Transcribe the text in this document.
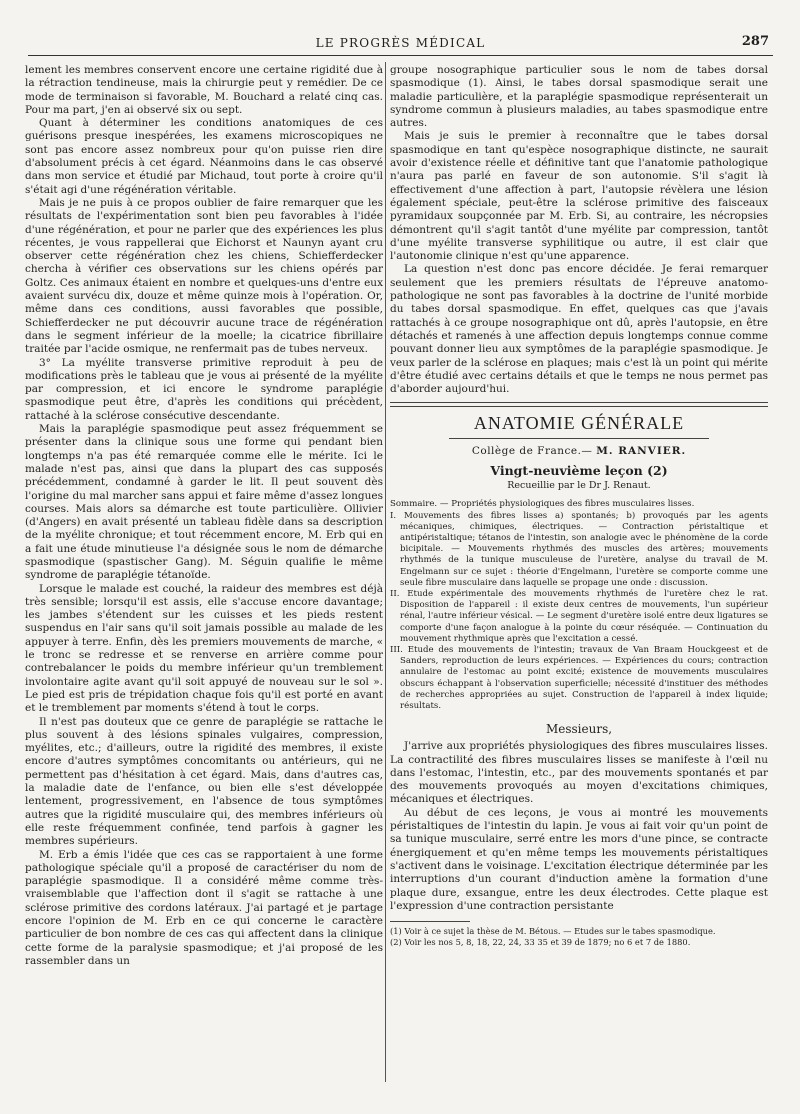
LE PROGRÈS MÉDICAL	287

lement les membres conservent encore une certaine rigidité due à la rétraction tendineuse, mais la chirurgie peut y remédier. De ce mode de terminaison si favorable, M. Bouchard a relaté cinq cas. Pour ma part, j'en ai observé six ou sept.

Quant à déterminer les conditions anatomiques de ces guérisons presque inespérées, les examens microscopiques ne sont pas encore assez nombreux pour qu'on puisse rien dire d'absolument précis à cet égard. Néanmoins dans le cas observé dans mon service et étudié par Michaud, tout porte à croire qu'il s'était agi d'une régénération véritable.

Mais je ne puis à ce propos oublier de faire remarquer que les résultats de l'expérimentation sont bien peu favorables à l'idée d'une régénération, et pour ne parler que des expériences les plus récentes, je vous rappellerai que Eichorst et Naunyn ayant cru observer cette régénération chez les chiens, Schiefferdecker chercha à vérifier ces observations sur les chiens opérés par Goltz. Ces animaux étaient en nombre et quelques-uns d'entre eux avaient survécu dix, douze et même quinze mois à l'opération. Or, même dans ces conditions, aussi favorables que possible, Schiefferdecker ne put découvrir aucune trace de régénération dans le segment inférieur de la moelle; la cicatrice fibrillaire traitée par l'acide osmique, ne renfermait pas de tubes nerveux.

3° La myélite transverse primitive reproduit à peu de modifications près le tableau que je vous ai présenté de la myélite par compression, et ici encore le syndrome paraplégie spasmodique peut être, d'après les conditions qui précèdent, rattaché à la sclérose consécutive descendante.

Mais la paraplégie spasmodique peut assez fréquemment se présenter dans la clinique sous une forme qui pendant bien longtemps n'a pas été remarquée comme elle le mérite. Ici le malade n'est pas, ainsi que dans la plupart des cas supposés précédemment, condamné à garder le lit. Il peut souvent dès l'origine du mal marcher sans appui et faire même d'assez longues courses. Mais alors sa démarche est toute particulière. Ollivier (d'Angers) en avait présenté un tableau fidèle dans sa description de la myélite chronique; et tout récemment encore, M. Erb qui en a fait une étude minutieuse l'a désignée sous le nom de démarche spasmodique (spastischer Gang). M. Séguin qualifie le même syndrome de paraplégie tétanoïde.

Lorsque le malade est couché, la raideur des membres est déjà très sensible; lorsqu'il est assis, elle s'accuse encore davantage; les jambes s'étendent sur les cuisses et les pieds restent suspendus en l'air sans qu'il soit jamais possible au malade de les appuyer à terre. Enfin, dès les premiers mouvements de marche, « le tronc se redresse et se renverse en arrière comme pour contrebalancer le poids du membre inférieur qu'un tremblement involontaire agite avant qu'il soit appuyé de nouveau sur le sol ». Le pied est pris de trépidation chaque fois qu'il est porté en avant et le tremblement par moments s'étend à tout le corps.

Il n'est pas douteux que ce genre de paraplégie se rattache le plus souvent à des lésions spinales vulgaires, compression, myélites, etc.; d'ailleurs, outre la rigidité des membres, il existe encore d'autres symptômes concomitants ou antérieurs, qui ne permettent pas d'hésitation à cet égard. Mais, dans d'autres cas, la maladie date de l'enfance, ou bien elle s'est développée lentement, progressivement, en l'absence de tous symptômes autres que la rigidité musculaire qui, des membres inférieurs où elle reste fréquemment confinée, tend parfois à gagner les membres supérieurs.

M. Erb a émis l'idée que ces cas se rapportaient à une forme pathologique spéciale qu'il a proposé de caractériser du nom de paraplégie spasmodique. Il a considéré même comme très-vraisemblable que l'affection dont il s'agit se rattache à une sclérose primitive des cordons latéraux. J'ai partagé et je partage encore l'opinion de M. Erb en ce qui concerne le caractère particulier de bon nombre de ces cas qui affectent dans la clinique cette forme de la paralysie spasmodique; et j'ai proposé de les rassembler dans un

groupe nosographique particulier sous le nom de tabes dorsal spasmodique (1). Ainsi, le tabes dorsal spasmodique serait une maladie particulière, et la paraplégie spasmodique représenterait un syndrome commun à plusieurs maladies, au tabes spasmodique entre autres.

Mais je suis le premier à reconnaître que le tabes dorsal spasmodique en tant qu'espèce nosographique distincte, ne saurait avoir d'existence réelle et définitive tant que l'anatomie pathologique n'aura pas parlé en faveur de son autonomie. S'il s'agit là effectivement d'une affection à part, l'autopsie révèlera une lésion également spéciale, peut-être la sclérose primitive des faisceaux pyramidaux soupçonnée par M. Erb. Si, au contraire, les nécropsies démontrent qu'il s'agit tantôt d'une myélite par compression, tantôt d'une myélite transverse syphilitique ou autre, il est clair que l'autonomie clinique n'est qu'une apparence.

La question n'est donc pas encore décidée. Je ferai remarquer seulement que les premiers résultats de l'épreuve anatomo-pathologique ne sont pas favorables à la doctrine de l'unité morbide du tabes dorsal spasmodique. En effet, quelques cas que j'avais rattachés à ce groupe nosographique ont dû, après l'autopsie, en être détachés et ramenés à une affection depuis longtemps connue comme pouvant donner lieu aux symptômes de la paraplégie spasmodique. Je veux parler de la sclérose en plaques; mais c'est là un point qui mérite d'être étudié avec certains détails et que le temps ne nous permet pas d'aborder aujourd'hui.

ANATOMIE GÉNÉRALE
Collège de France.— M. RANVIER.
Vingt-neuvième leçon (2)
Recueillie par le Dr J. Renaut.

Sommaire. — Propriétés physiologiques des fibres musculaires lisses.

I. Mouvements des fibres lisses a) spontanés; b) provoqués par les agents mécaniques, chimiques, électriques. — Contraction péristaltique et antipéristaltique; tétanos de l'intestin, son analogie avec le phénomène de la corde bicipitale. — Mouvements rhythmés des muscles des artères; mouvements rhythmés de la tunique musculeuse de l'uretère, analyse du travail de M. Engelmann sur ce sujet : théorie d'Engelmann, l'uretère se comporte comme une seule fibre musculaire dans laquelle se propage une onde : discussion.

II. Etude expérimentale des mouvements rhythmés de l'uretère chez le rat. Disposition de l'appareil : il existe deux centres de mouvements, l'un supérieur rénal, l'autre inférieur vésical. — Le segment d'uretère isolé entre deux ligatures se comporte d'une façon analogue à la pointe du cœur réséquée. — Continuation du mouvement rhythmique après que l'excitation a cessé.

III. Etude des mouvements de l'intestin; travaux de Van Braam Houckgeest et de Sanders, reproduction de leurs expériences. — Expériences du cours; contraction annulaire de l'estomac au point excité; existence de mouvements musculaires obscurs échappant à l'observation superficielle; nécessité d'instituer des méthodes de recherches appropriées au sujet. Construction de l'appareil à index liquide; résultats.

Messieurs,

J'arrive aux propriétés physiologiques des fibres musculaires lisses. La contractilité des fibres musculaires lisses se manifeste à l'œil nu dans l'estomac, l'intestin, etc., par des mouvements spontanés et par des mouvements provoqués au moyen d'excitations chimiques, mécaniques et électriques.

Au début de ces leçons, je vous ai montré les mouvements péristaltiques de l'intestin du lapin. Je vous ai fait voir qu'un point de sa tunique musculaire, serré entre les mors d'une pince, se contracte énergiquement et qu'en même temps les mouvements péristaltiques s'activent dans le voisinage. L'excitation électrique déterminée par les interruptions d'un courant d'induction amène la formation d'une plaque dure, exsangue, entre les deux électrodes. Cette plaque est l'expression d'une contraction persistante

(1) Voir à ce sujet la thèse de M. Bétous. — Etudes sur le tabes spasmodique.

(2) Voir les nos 5, 8, 18, 22, 24, 33 35 et 39 de 1879; no 6 et 7 de 1880.
